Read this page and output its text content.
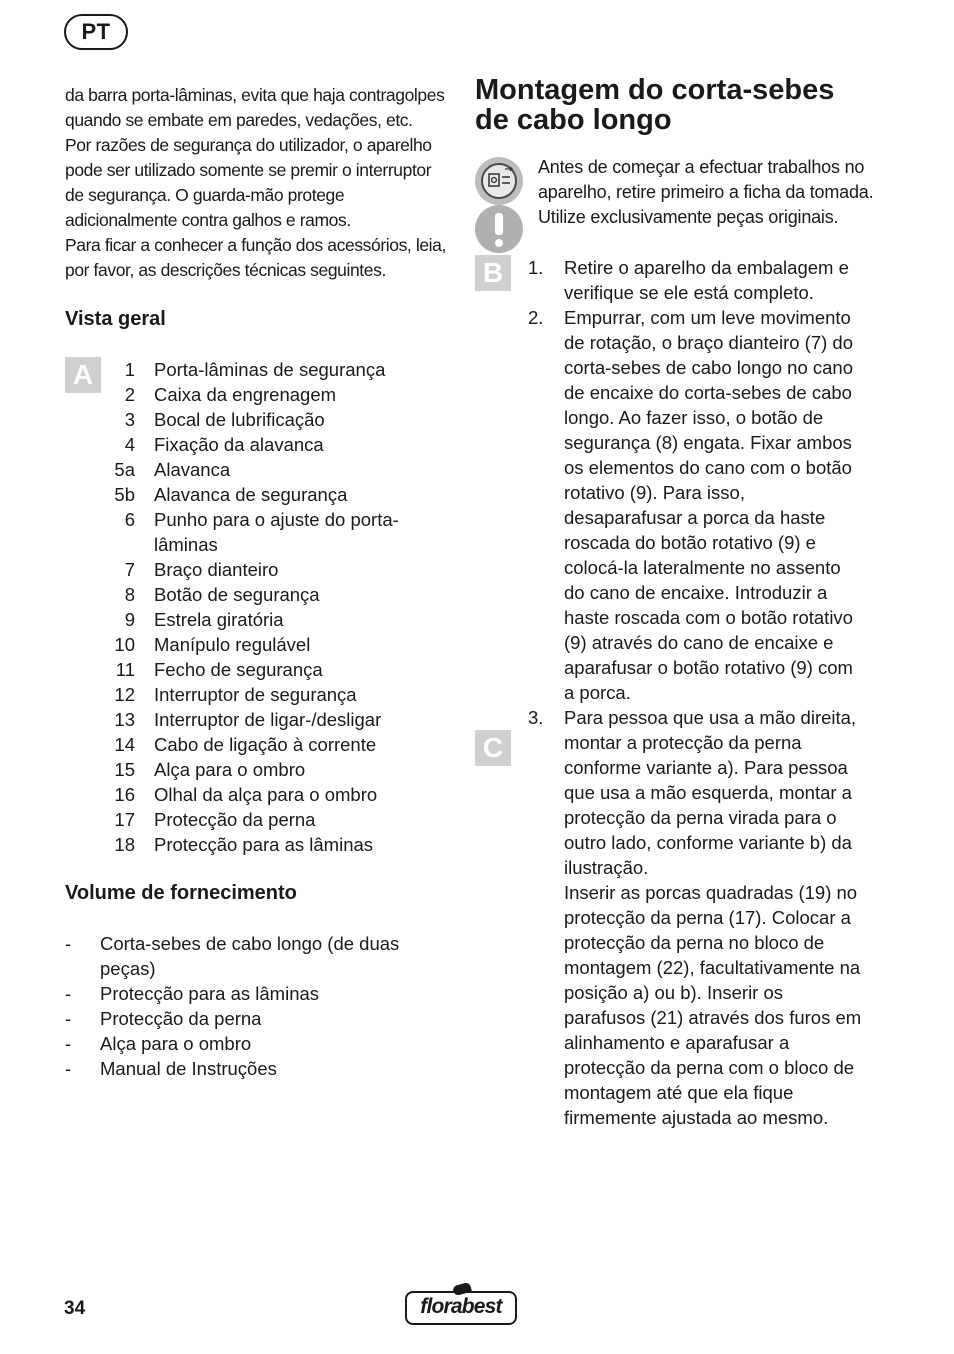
PT

da barra porta-lâminas, evita que haja contragolpes quando se embate em paredes, vedações, etc.

Por razões de segurança do utilizador, o aparelho pode ser utilizado somente se premir o interruptor de segurança. O guarda-mão protege adicionalmente contra galhos e ramos.

Para ficar a conhecer a função dos acessórios, leia, por favor, as descrições técnicas seguintes.

Vista geral
A	1	Porta-lâminas de segurança
2	Caixa da engrenagem
3	Bocal de lubrificação
4	Fixação da alavanca
5a	Alavanca
5b	Alavanca de segurança
6	Punho para o ajuste do porta-lâminas
7	Braço dianteiro
8	Botão de segurança
9	Estrela giratória
10	Manípulo regulável
11	Fecho de segurança
12	Interruptor de segurança
13	Interruptor de ligar-/desligar
14	Cabo de ligação à corrente
15	Alça para o ombro
16	Olhal da alça para o ombro
17	Protecção da perna
18	Protecção para as lâminas
Volume de fornecimento
-	Corta-sebes de cabo longo (de duas peças)
-	Protecção para as lâminas
-	Protecção da perna
-	Alça para o ombro
-	Manual de Instruções
Montagem do corta-sebes de cabo longo

Antes de começar a efectuar trabalhos no aparelho, retire primeiro a ficha da tomada.

Utilize exclusivamente peças originais.

B
C
1.	Retire o aparelho da embalagem e verifique se ele está completo.
2.	Empurrar, com um leve movimento de rotação, o braço dianteiro (7) do corta-sebes de cabo longo no cano de encaixe do corta-sebes de cabo longo. Ao fazer isso, o botão de segurança (8) engata. Fixar ambos os elementos do cano com o botão rotativo (9). Para isso, desaparafusar a porca da haste roscada do botão rotativo (9) e colocá-la lateralmente no assento do cano de encaixe. Introduzir a haste roscada com o botão rotativo (9) através do cano de encaixe e aparafusar o botão rotativo (9) com a porca.
3.	Para pessoa que usa a mão direita, montar a protecção da perna conforme variante a). Para pessoa que usa a mão esquerda, montar a protecção da perna virada para o outro lado, conforme variante b) da ilustração.
Inserir as porcas quadradas (19) no protecção da perna (17). Colocar a protecção da perna no bloco de montagem (22), facultativamente na posição a) ou b). Inserir os parafusos (21) através dos furos em alinhamento e aparafusar a protecção da perna com o bloco de montagem até que ela fique firmemente ajustada ao mesmo.
34	florabest
